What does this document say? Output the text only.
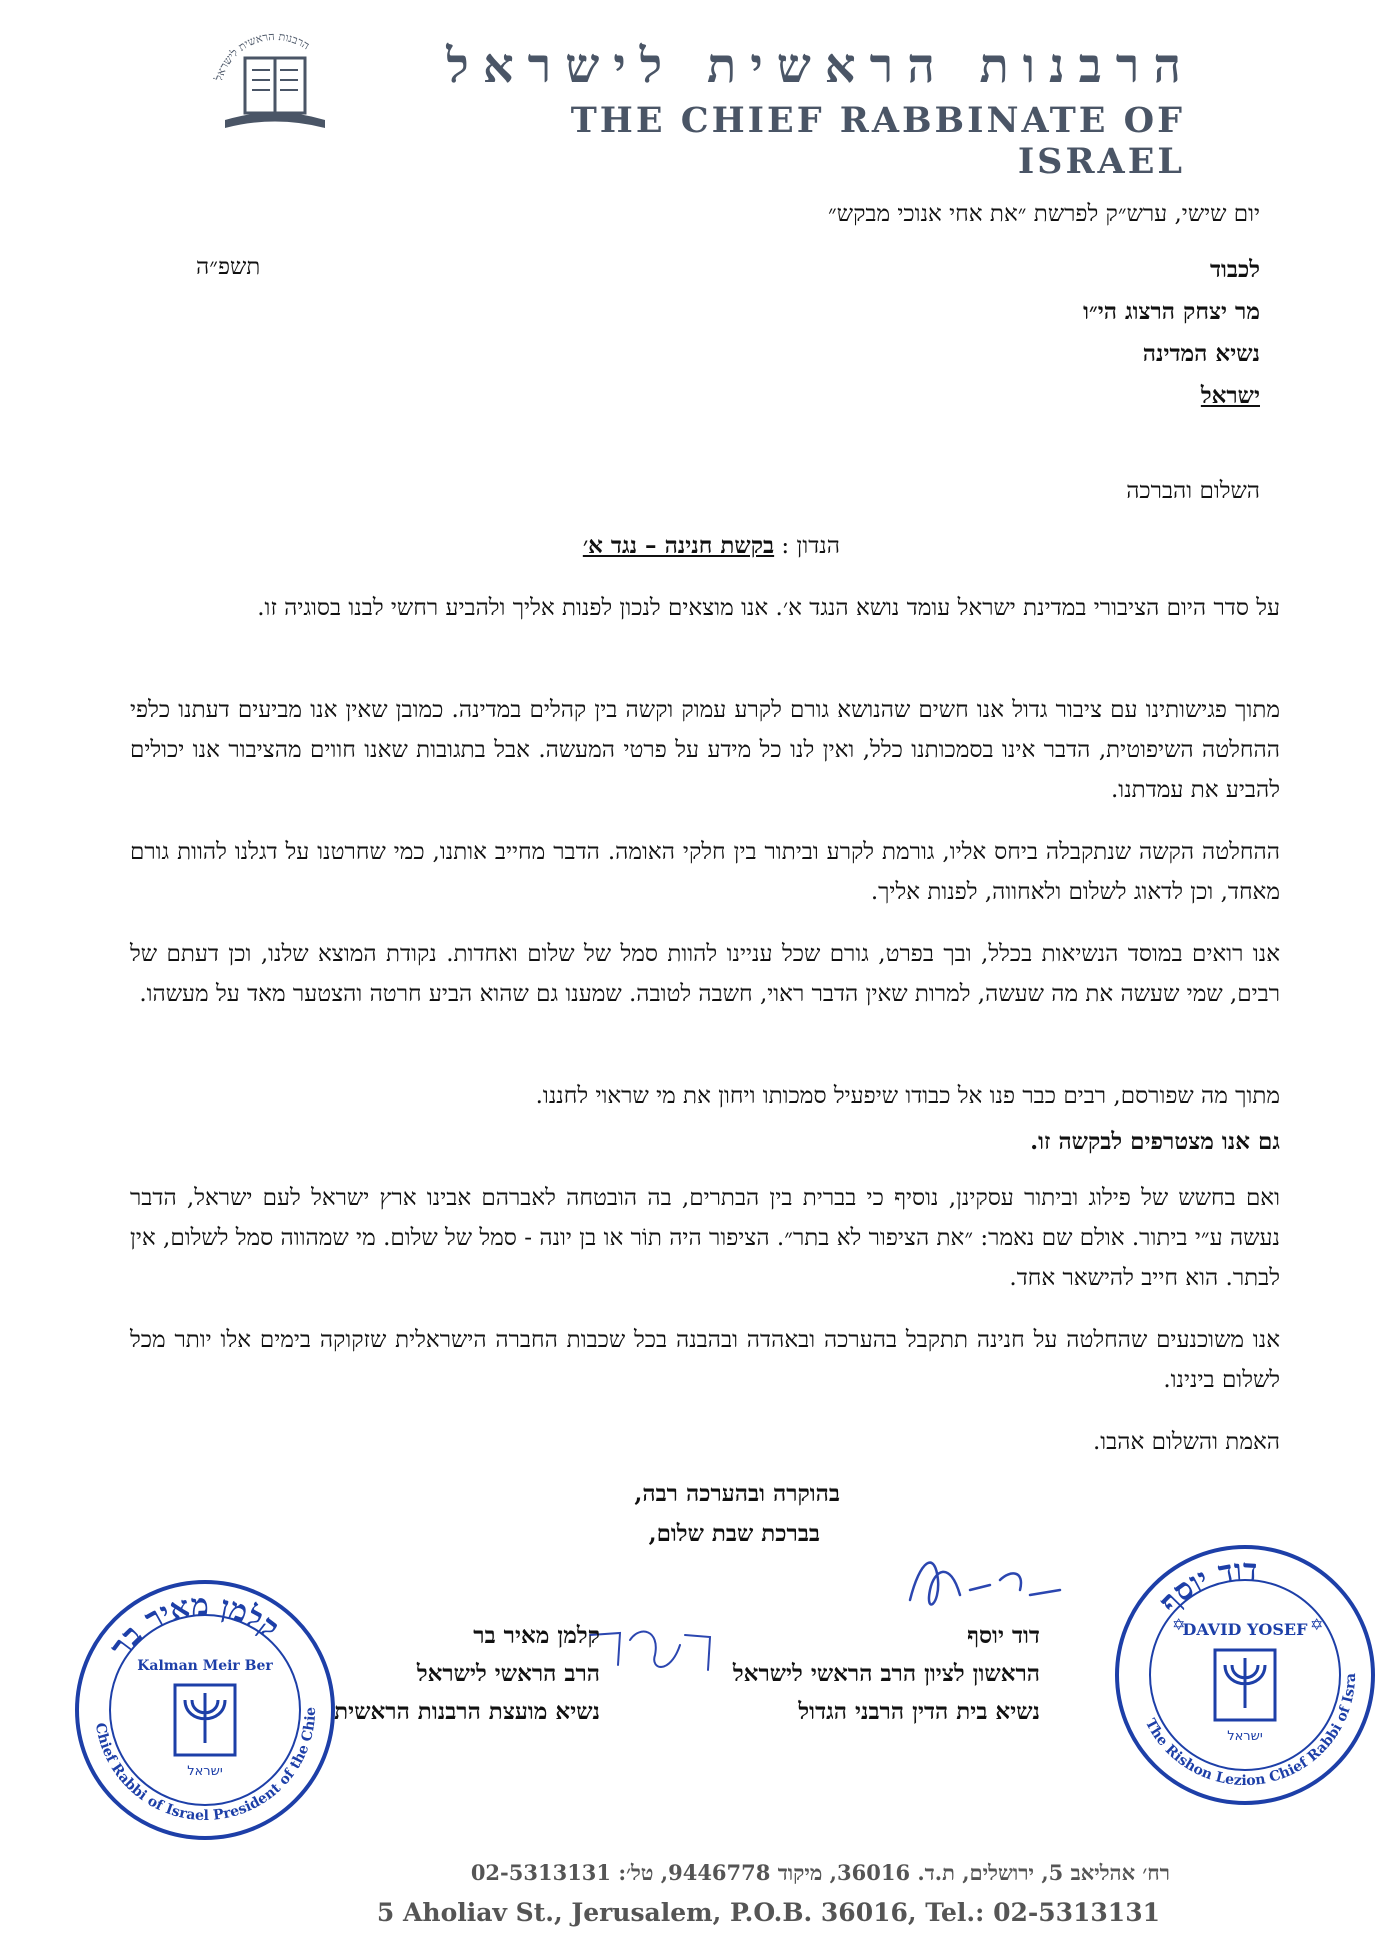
הרבנות הראשית לישראל	הרבנות הראשית לישראל
THE CHIEF RABBINATE OF ISRAEL
יום שישי, ערש״ק לפרשת ״את אחי אנוכי מבקש״
תשפ״ה	לכבוד
מר יצחק הרצוג הי״ו
נשיא המדינה
ישראל
השלום והברכה
הנדון : בקשת חנינה – נגד א׳
על סדר היום הציבורי במדינת ישראל עומד נושא הנגד א׳. אנו מוצאים לנכון לפנות אליך ולהביע רחשי לבנו בסוגיה זו.
מתוך פגישותינו עם ציבור גדול אנו חשים שהנושא גורם לקרע עמוק וקשה בין קהלים במדינה. כמובן שאין אנו מביעים דעתנו כלפי ההחלטה השיפוטית, הדבר אינו בסמכותנו כלל, ואין לנו כל מידע על פרטי המעשה. אבל בתגובות שאנו חווים מהציבור אנו יכולים להביע את עמדתנו.
ההחלטה הקשה שנתקבלה ביחס אליו, גורמת לקרע וביתור בין חלקי האומה. הדבר מחייב אותנו, כמי שחרטנו על דגלנו להוות גורם מאחד, וכן לדאוג לשלום ולאחווה, לפנות אליך.
אנו רואים במוסד הנשיאות בכלל, ובך בפרט, גורם שכל עניינו להוות סמל של שלום ואחדות. נקודת המוצא שלנו, וכן דעתם של רבים, שמי שעשה את מה שעשה, למרות שאין הדבר ראוי, חשבה לטובה. שמענו גם שהוא הביע חרטה והצטער מאד על מעשהו.
מתוך מה שפורסם, רבים כבר פנו אל כבודו שיפעיל סמכותו ויחון את מי שראוי לחננו.
גם אנו מצטרפים לבקשה זו.
ואם בחשש של פילוג וביתור עסקינן, נוסיף כי בברית בין הבתרים, בה הובטחה לאברהם אבינו ארץ ישראל לעם ישראל, הדבר נעשה ע״י ביתור. אולם שם נאמר: ״את הציפור לא בתר״. הציפור היה תוֹר או בן יונה - סמל של שלום. מי שמהווה סמל לשלום, אין לבתר. הוא חייב להישאר אחד.
אנו משוכנעים שהחלטה על חנינה תתקבל בהערכה ובאהדה ובהבנה בכל שכבות החברה הישראלית שזקוקה בימים אלו יותר מכל לשלום בינינו.
האמת והשלום אהבו.
בהוקרה ובהערכה רבה,
בברכת שבת שלום,
דוד יוסף
הראשון לציון הרב הראשי לישראל
נשיא בית הדין הרבני הגדול
קלמן מאיר בר
הרב הראשי לישראל
נשיא מועצת הרבנות הראשית
קלמן מאיר בר
Chief Rabbi of Israel President of the Chie
Kalman Meir Ber
ישראל
דוד יוסף
The Rishon Lezion Chief Rabbi of Isra
DAVID YOSEF
ישראל
✡	✡
רח׳ אהליאב 5, ירושלים, ת.ד. 36016, מיקוד 9446778, טל׳: 02-5313131
5 Aholiav St., Jerusalem, P.O.B. 36016, Tel.: 02-5313131
